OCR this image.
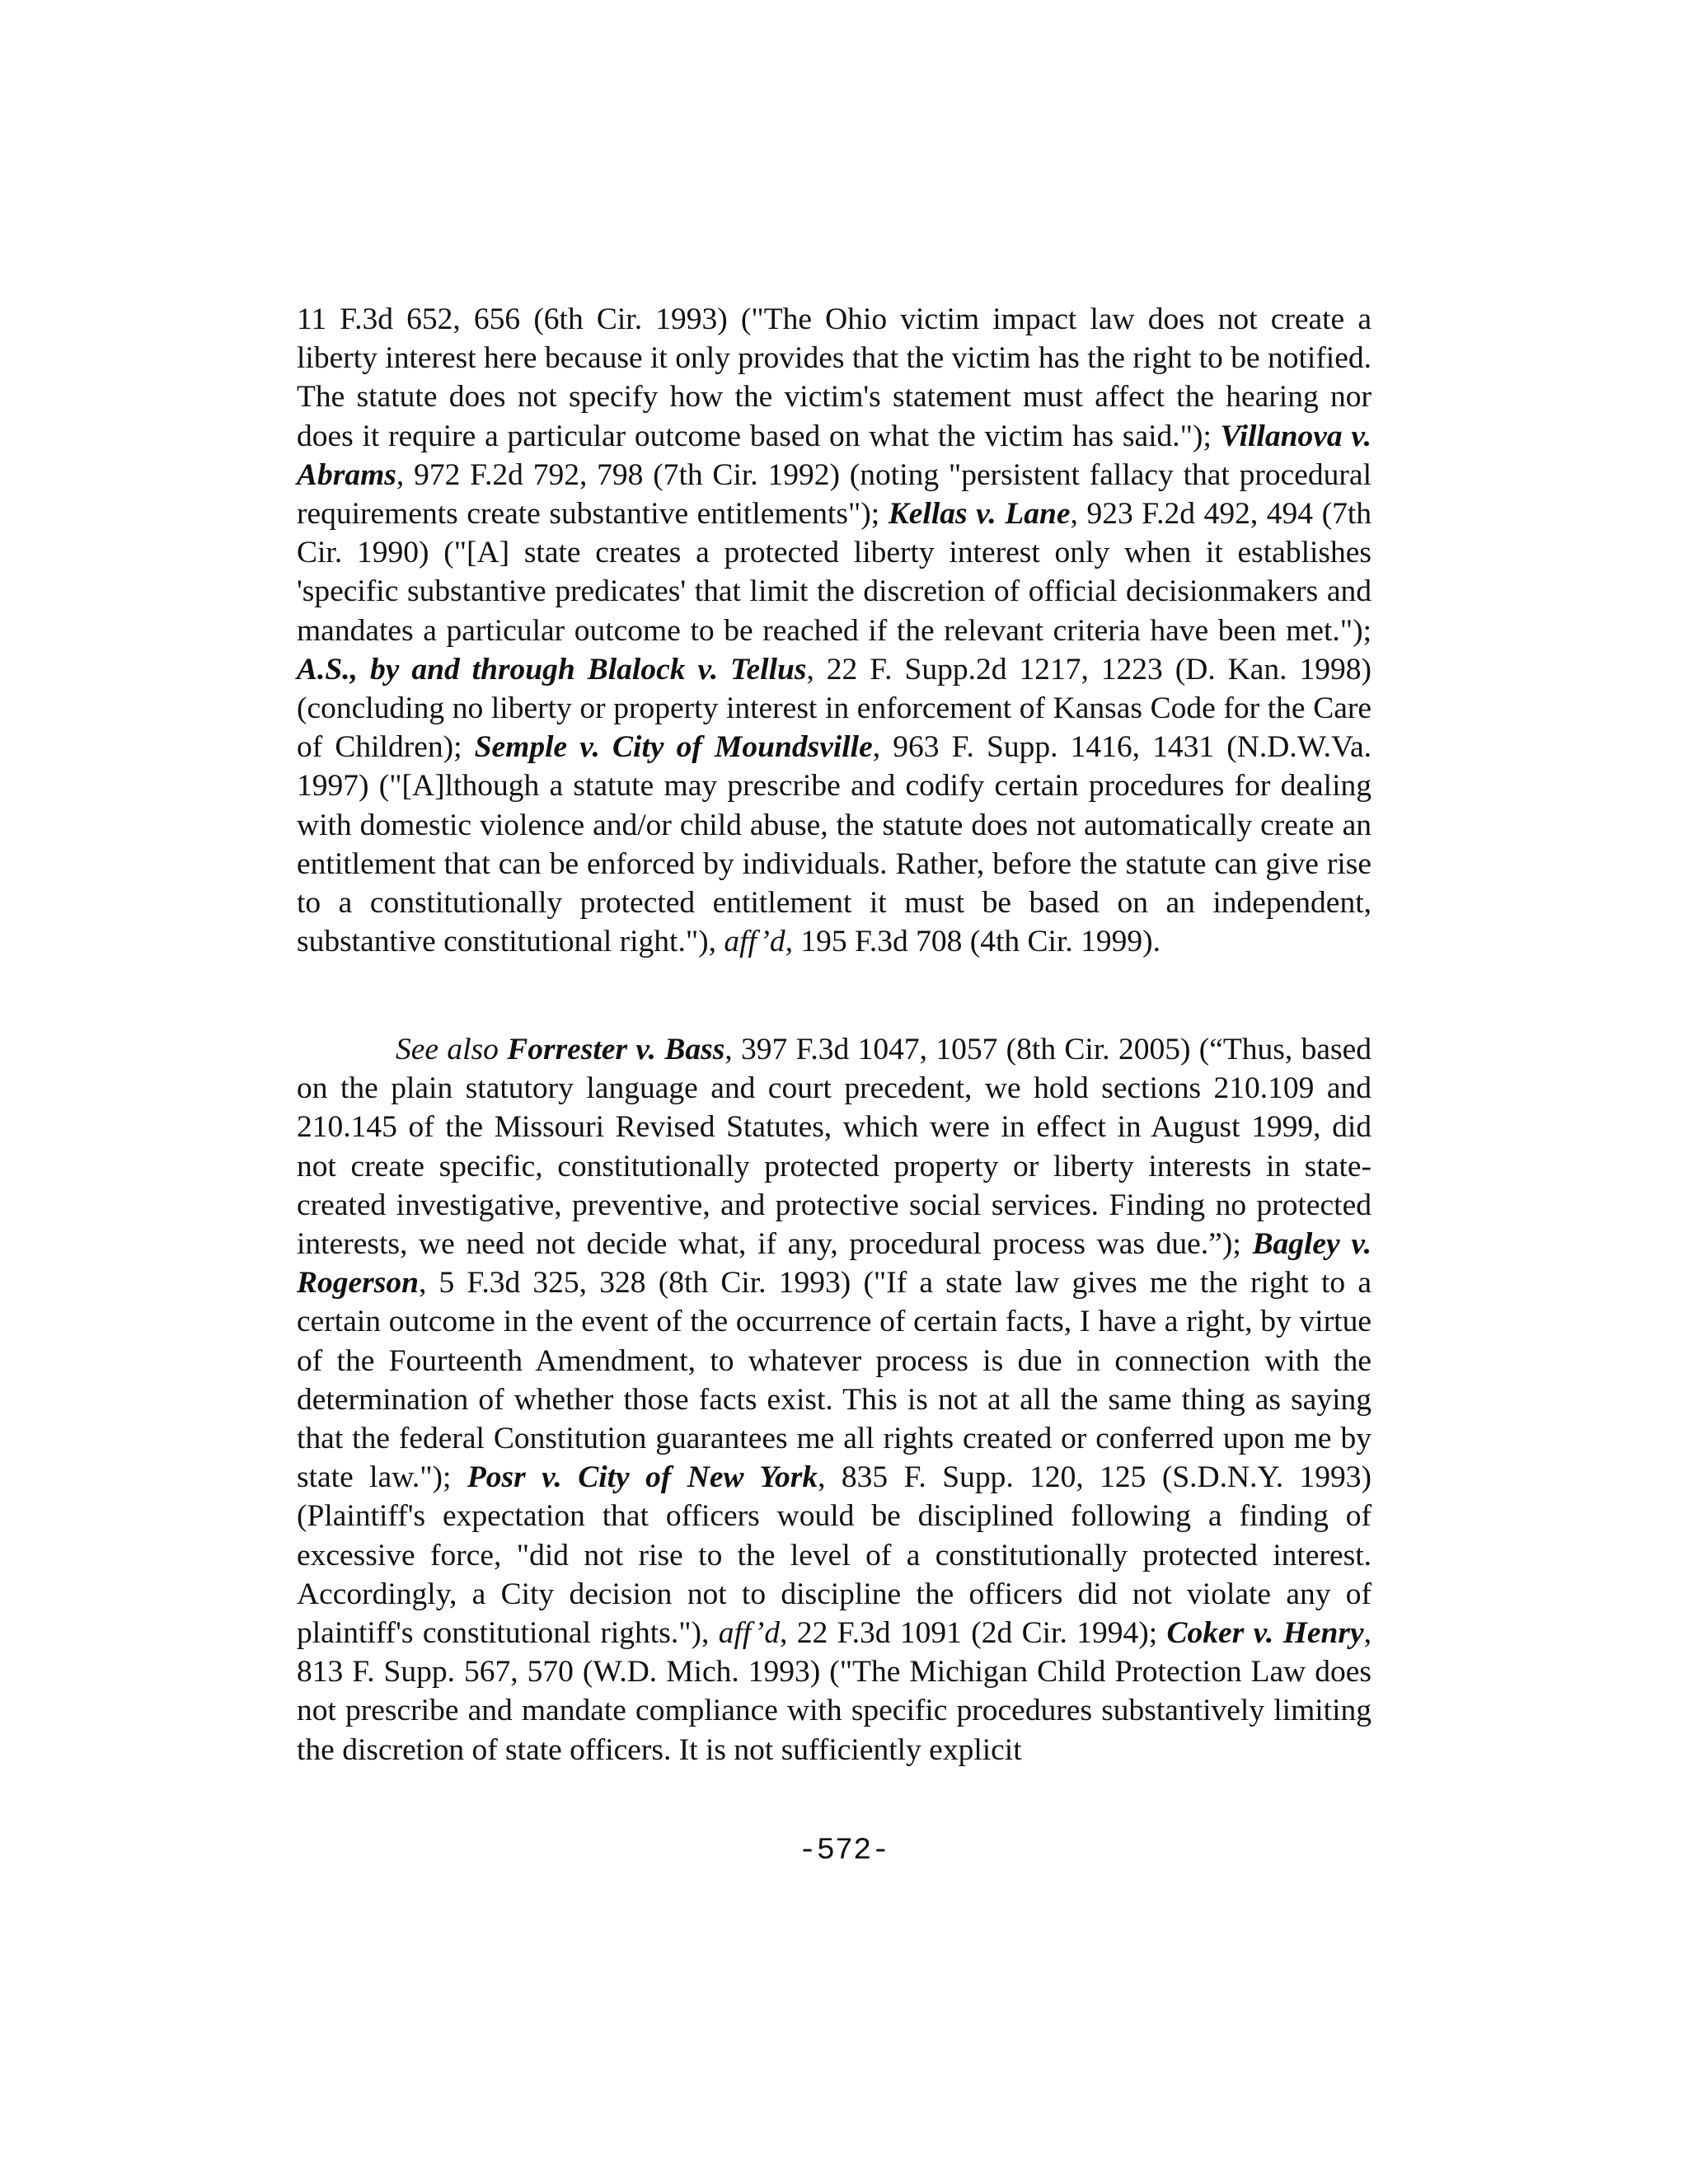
11 F.3d 652, 656 (6th Cir. 1993) ("The Ohio victim impact law does not create a liberty interest here because it only provides that the victim has the right to be notified. The statute does not specify how the victim's statement must affect the hearing nor does it require a particular outcome based on what the victim has said."); Villanova v. Abrams, 972 F.2d 792, 798 (7th Cir. 1992) (noting "persistent fallacy that procedural requirements create substantive entitlements"); Kellas v. Lane, 923 F.2d 492, 494 (7th Cir. 1990) ("[A] state creates a protected liberty interest only when it establishes 'specific substantive predicates' that limit the discretion of official decisionmakers and mandates a particular outcome to be reached if the relevant criteria have been met."); A.S., by and through Blalock v. Tellus, 22 F. Supp.2d 1217, 1223 (D. Kan. 1998) (concluding no liberty or property interest in enforcement of Kansas Code for the Care of Children); Semple v. City of Moundsville, 963 F. Supp. 1416, 1431 (N.D.W.Va. 1997) ("[A]lthough a statute may prescribe and codify certain procedures for dealing with domestic violence and/or child abuse, the statute does not automatically create an entitlement that can be enforced by individuals. Rather, before the statute can give rise to a constitutionally protected entitlement it must be based on an independent, substantive constitutional right."), aff’d, 195 F.3d 708 (4th Cir. 1999).

See also Forrester v. Bass, 397 F.3d 1047, 1057 (8th Cir. 2005) (“Thus, based on the plain statutory language and court precedent, we hold sections 210.109 and 210.145 of the Missouri Revised Statutes, which were in effect in August 1999, did not create specific, constitutionally protected property or liberty interests in state-created investigative, preventive, and protective social services. Finding no protected interests, we need not decide what, if any, procedural process was due.”); Bagley v. Rogerson, 5 F.3d 325, 328 (8th Cir. 1993) ("If a state law gives me the right to a certain outcome in the event of the occurrence of certain facts, I have a right, by virtue of the Fourteenth Amendment, to whatever process is due in connection with the determination of whether those facts exist. This is not at all the same thing as saying that the federal Constitution guarantees me all rights created or conferred upon me by state law."); Posr v. City of New York, 835 F. Supp. 120, 125 (S.D.N.Y. 1993) (Plaintiff's expectation that officers would be disciplined following a finding of excessive force, "did not rise to the level of a constitutionally protected interest. Accordingly, a City decision not to discipline the officers did not violate any of plaintiff's constitutional rights."), aff’d, 22 F.3d 1091 (2d Cir. 1994); Coker v. Henry, 813 F. Supp. 567, 570 (W.D. Mich. 1993) ("The Michigan Child Protection Law does not prescribe and mandate compliance with specific procedures substantively limiting the discretion of state officers. It is not sufficiently explicit

-572-
